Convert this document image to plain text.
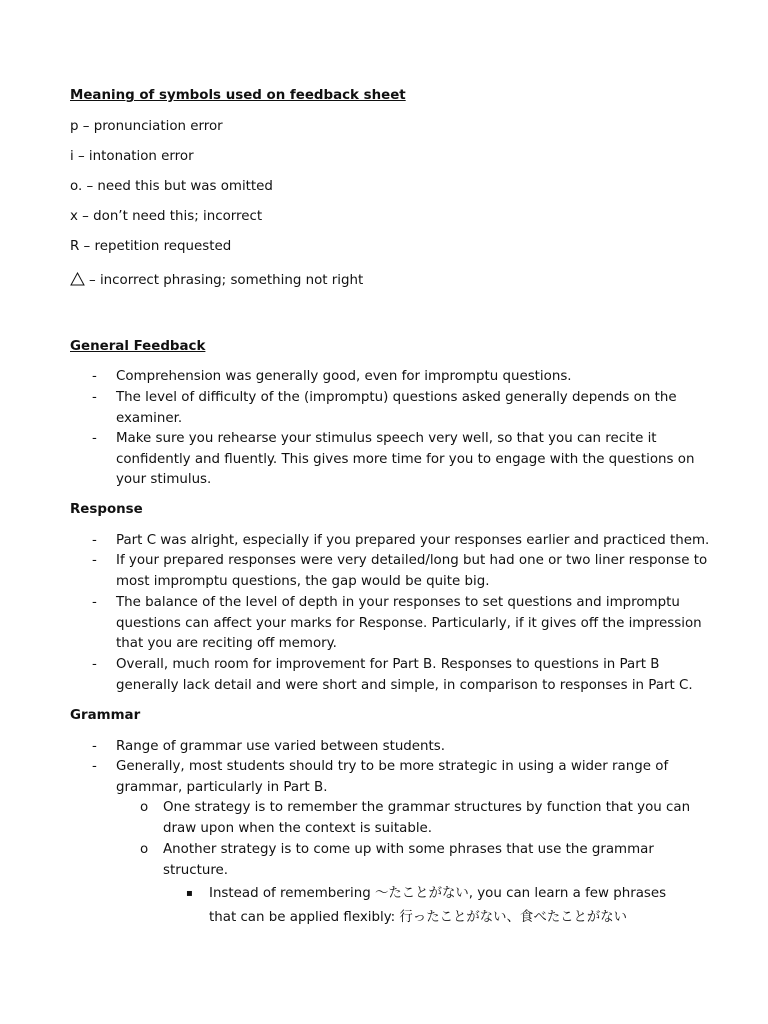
Meaning of symbols used on feedback sheet
p – pronunciation error
i – intonation error
o. – need this but was omitted
x – don’t need this; incorrect
R – repetition requested
– incorrect phrasing; something not right
General Feedback
- Comprehension was generally good, even for impromptu questions.
- The level of difficulty of the (impromptu) questions asked generally depends on the examiner.
- Make sure you rehearse your stimulus speech very well, so that you can recite it confidently and fluently. This gives more time for you to engage with the questions on your stimulus.
Response
- Part C was alright, especially if you prepared your responses earlier and practiced them.
- If your prepared responses were very detailed/long but had one or two liner response to most impromptu questions, the gap would be quite big.
- The balance of the level of depth in your responses to set questions and impromptu questions can affect your marks for Response. Particularly, if it gives off the impression that you are reciting off memory.
- Overall, much room for improvement for Part B. Responses to questions in Part B generally lack detail and were short and simple, in comparison to responses in Part C.
Grammar
- Range of grammar use varied between students.
- Generally, most students should try to be more strategic in using a wider range of grammar, particularly in Part B.
o One strategy is to remember the grammar structures by function that you can draw upon when the context is suitable.
o Another strategy is to come up with some phrases that use the grammar structure.
▪ Instead of remembering ～たことがない, you can learn a few phrases that can be applied flexibly: 行ったことがない、食べたことがない
